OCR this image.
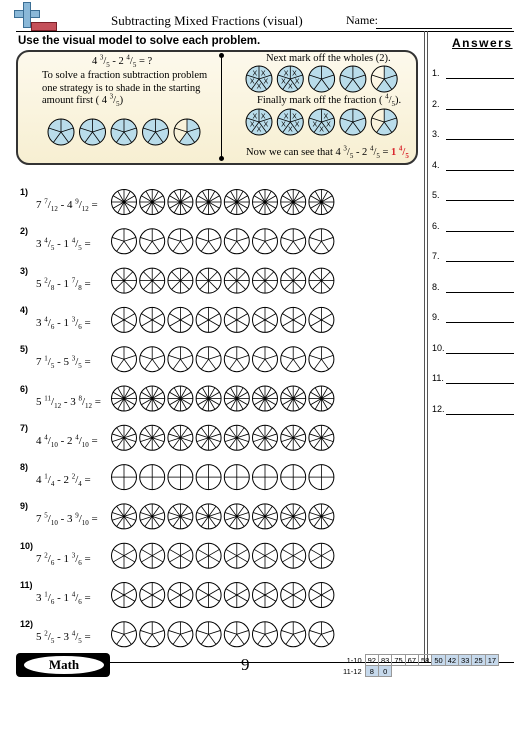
Subtracting Mixed Fractions (visual)	Name:
Use the visual model to solve each problem.	Answers
1.
2.
3.
4.
5.
6.
7.
8.
9.
10.
11.
12.
4 $^3/_5 - 2$ $^4/_5$ = ?
To solve a fraction subtraction problem one strategy is to shade in the starting amount first ( 4 $^3/_5$)
Next mark off the wholes (2).
Finally mark off the fraction ( $^4/_5$).
Now we can see that 4 $^3/_5 - 2$ $^4/_5 = 1$ $^4/_5$
1)
7 $^7/_{12} - 4$ $^9/_{12}$ =
2)
3 $^4/_5 - 1$ $^4/_5$ =
3)
5 $^2/_8 - 1$ $^7/_8$ =
4)
3 $^4/_6 - 1$ $^3/_6$ =
5)
7 $^1/_5 - 5$ $^3/_5$ =
6)
5 $^{11}/_{12} - 3$ $^8/_{12}$ =
7)
4 $^4/_{10} - 2$ $^4/_{10}$ =
8)
4 $^1/_4 - 2$ $^2/_4$ =
9)
7 $^5/_{10} - 3$ $^9/_{10}$ =
10)
7 $^2/_6 - 1$ $^3/_6$ =
11)
3 $^1/_6 - 1$ $^4/_6$ =
12)
5 $^2/_5 - 3$ $^4/_5$ =
X
X
X
X
X	X
X
X
X
X
X
X
X
X
X	X
X
X
X
X	X
X
X
X
Math	9	1-10	92	83	75	67	58	50	42	33	25	17
11-12	8	0								
